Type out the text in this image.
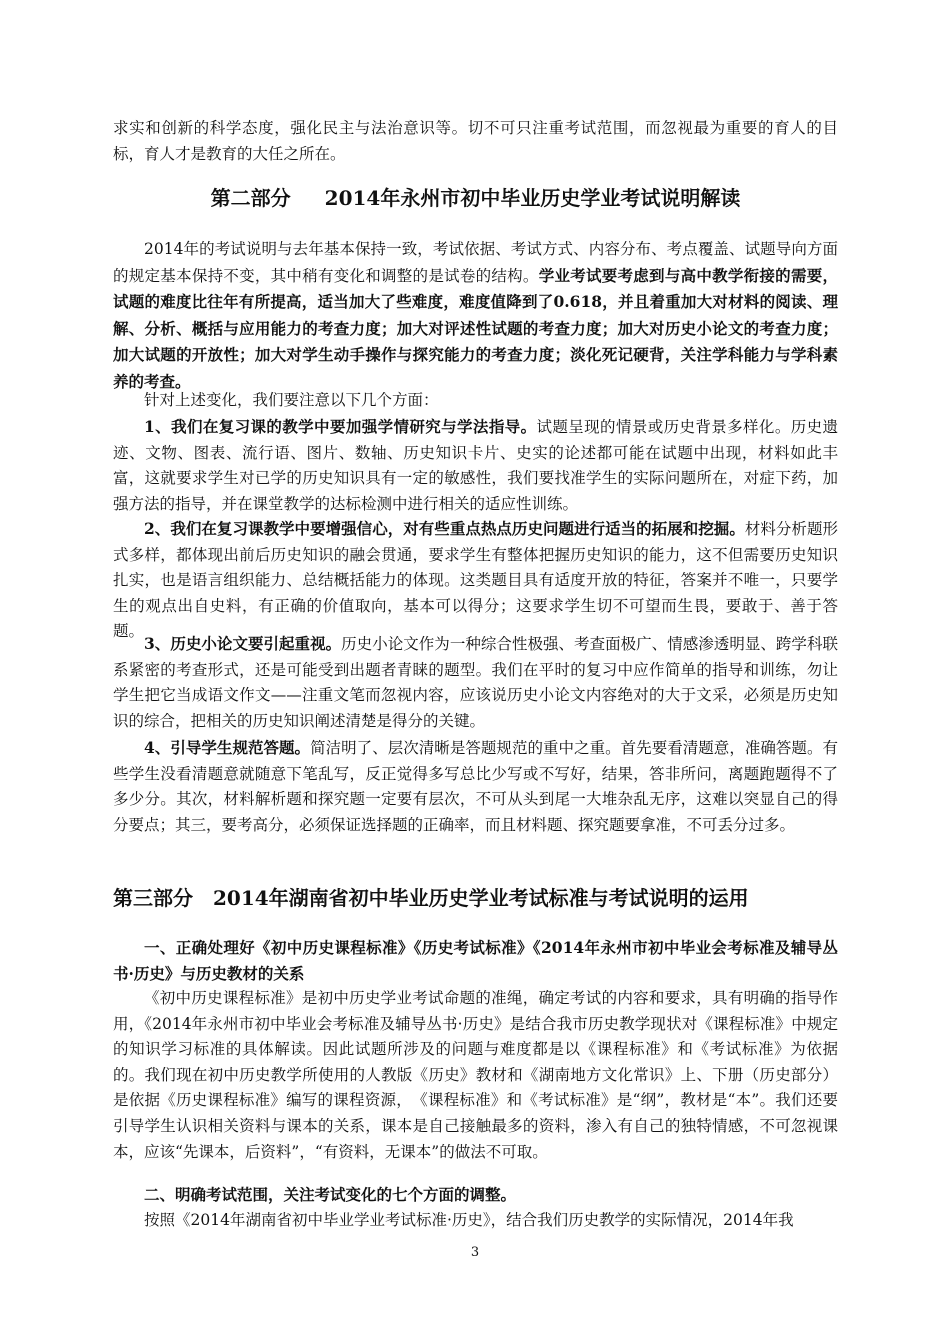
求实和创新的科学态度，强化民主与法治意识等。切不可只注重考试范围，而忽视最为重要的育人的目标，育人才是教育的大任之所在。

第二部分 2014年永州市初中毕业历史学业考试说明解读

2014年的考试说明与去年基本保持一致，考试依据、考试方式、内容分布、考点覆盖、试题导向方面的规定基本保持不变，其中稍有变化和调整的是试卷的结构。学业考试要考虑到与高中教学衔接的需要，试题的难度比往年有所提高，适当加大了些难度，难度值降到了0.618，并且着重加大对材料的阅读、理解、分析、概括与应用能力的考查力度；加大对评述性试题的考查力度；加大对历史小论文的考查力度；加大试题的开放性；加大对学生动手操作与探究能力的考查力度；淡化死记硬背，关注学科能力与学科素养的考查。

针对上述变化，我们要注意以下几个方面：

1、我们在复习课的教学中要加强学情研究与学法指导。试题呈现的情景或历史背景多样化。历史遗迹、文物、图表、流行语、图片、数轴、历史知识卡片、史实的论述都可能在试题中出现，材料如此丰富，这就要求学生对已学的历史知识具有一定的敏感性，我们要找准学生的实际问题所在，对症下药，加强方法的指导，并在课堂教学的达标检测中进行相关的适应性训练。

2、我们在复习课教学中要增强信心，对有些重点热点历史问题进行适当的拓展和挖掘。材料分析题形式多样，都体现出前后历史知识的融会贯通，要求学生有整体把握历史知识的能力，这不但需要历史知识扎实，也是语言组织能力、总结概括能力的体现。这类题目具有适度开放的特征，答案并不唯一，只要学生的观点出自史料，有正确的价值取向，基本可以得分；这要求学生切不可望而生畏，要敢于、善于答题。

3、历史小论文要引起重视。历史小论文作为一种综合性极强、考查面极广、情感渗透明显、跨学科联系紧密的考查形式，还是可能受到出题者青睐的题型。我们在平时的复习中应作简单的指导和训练，勿让学生把它当成语文作文——注重文笔而忽视内容，应该说历史小论文内容绝对的大于文采，必须是历史知识的综合，把相关的历史知识阐述清楚是得分的关键。

4、引导学生规范答题。简洁明了、层次清晰是答题规范的重中之重。首先要看清题意，准确答题。有些学生没看清题意就随意下笔乱写，反正觉得多写总比少写或不写好，结果，答非所问，离题跑题得不了多少分。其次，材料解析题和探究题一定要有层次，不可从头到尾一大堆杂乱无序，这难以突显自己的得分要点；其三，要考高分，必须保证选择题的正确率，而且材料题、探究题要拿准，不可丢分过多。

第三部分 2014年湖南省初中毕业历史学业考试标准与考试说明的运用

一、正确处理好《初中历史课程标准》《历史考试标准》《2014年永州市初中毕业会考标准及辅导丛书·历史》与历史教材的关系

《初中历史课程标准》是初中历史学业考试命题的准绳，确定考试的内容和要求，具有明确的指导作用，《2014年永州市初中毕业会考标准及辅导丛书·历史》是结合我市历史教学现状对《课程标准》中规定的知识学习标准的具体解读。因此试题所涉及的问题与难度都是以《课程标准》和《考试标准》为依据的。我们现在初中历史教学所使用的人教版《历史》教材和《湖南地方文化常识》上、下册（历史部分）是依据《历史课程标准》编写的课程资源，　《课程标准》和《考试标准》是“纲”，教材是“本”。我们还要引导学生认识相关资料与课本的关系，课本是自己接触最多的资料，渗入有自己的独特情感，不可忽视课本，应该“先课本，后资料”，“有资料，无课本”的做法不可取。

二、明确考试范围，关注考试变化的七个方面的调整。

按照《2014年湖南省初中毕业学业考试标准·历史》，结合我们历史教学的实际情况，2014年我

3
